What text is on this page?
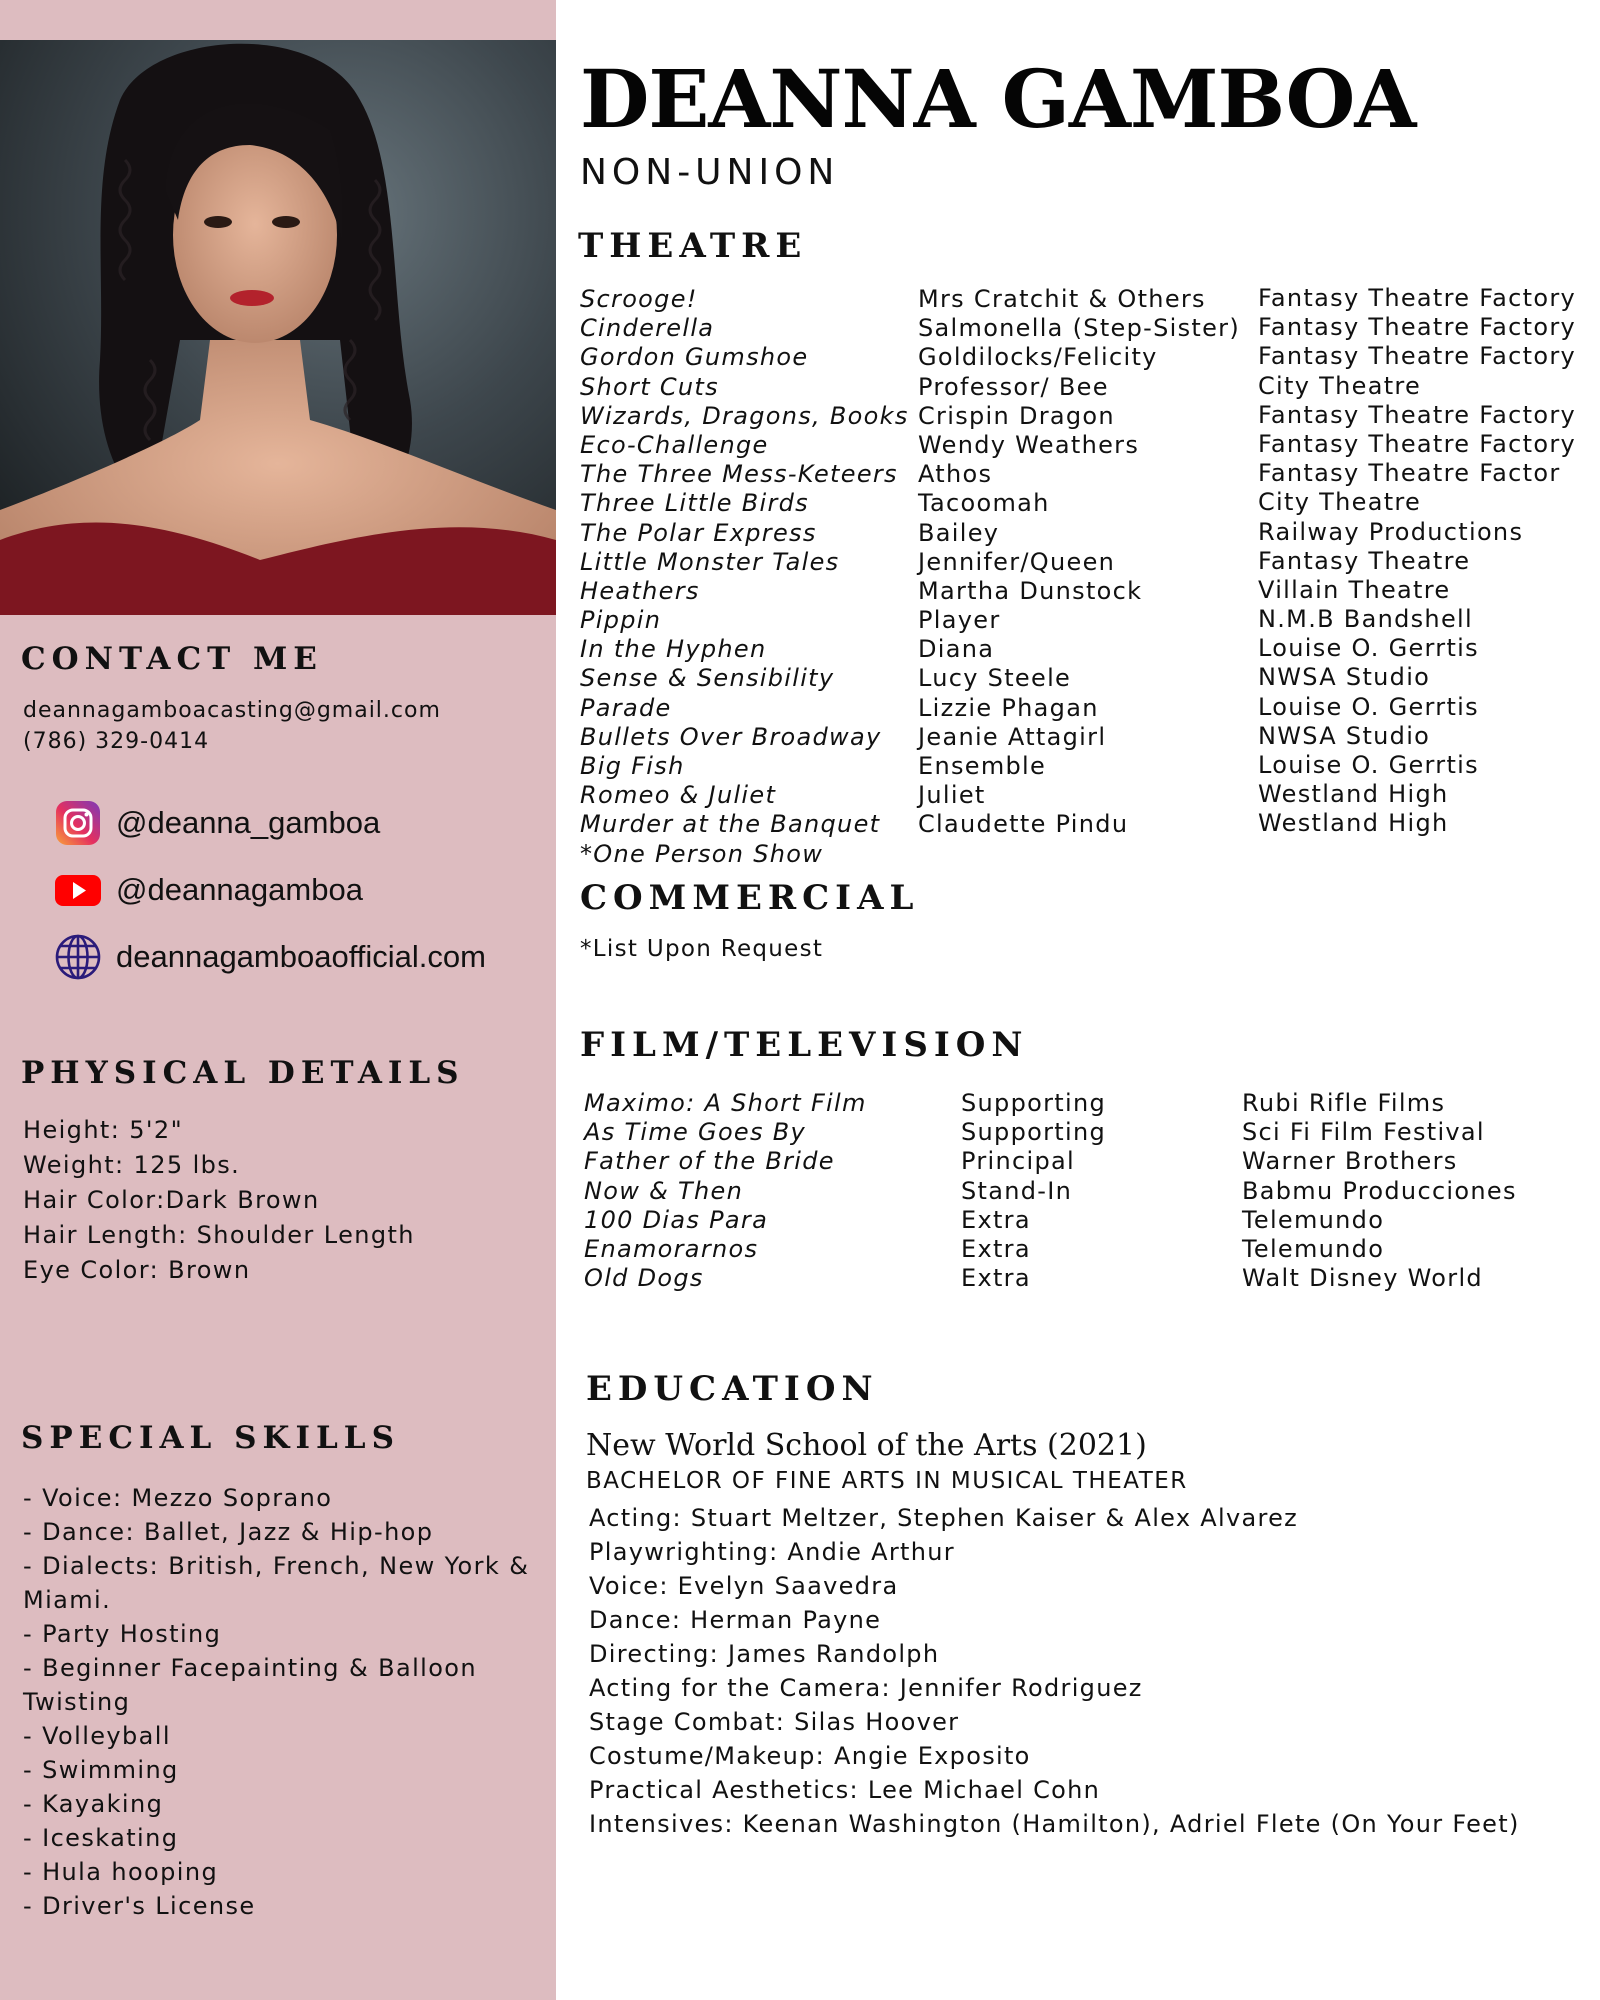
CONTACT ME
deannagamboacasting@gmail.com
(786) 329-0414
@deanna_gamboa
@deannagamboa
deannagamboaofficial.com
PHYSICAL DETAILS
Height: 5'2"
Weight: 125 lbs.
Hair Color:Dark Brown
Hair Length: Shoulder Length
Eye Color: Brown
SPECIAL SKILLS
- Voice: Mezzo Soprano
- Dance: Ballet, Jazz & Hip-hop
- Dialects: British, French, New York &
Miami.
- Party Hosting
- Beginner Facepainting & Balloon
Twisting
- Volleyball
- Swimming
- Kayaking
- Iceskating
- Hula hooping
- Driver's License
DEANNA GAMBOA
NON-UNION
THEATRE
Scrooge!
Cinderella
Gordon Gumshoe
Short Cuts
Wizards, Dragons, Books
Eco-Challenge
The Three Mess-Keteers
Three Little Birds
The Polar Express
Little Monster Tales
Heathers
Pippin
In the Hyphen
Sense & Sensibility
Parade
Bullets Over Broadway
Big Fish
Romeo & Juliet
Murder at the Banquet
*One Person Show
Mrs Cratchit & Others
Salmonella (Step-Sister)
Goldilocks/Felicity
Professor/ Bee
Crispin Dragon
Wendy Weathers
Athos
Tacoomah
Bailey
Jennifer/Queen
Martha Dunstock
Player
Diana
Lucy Steele
Lizzie Phagan
Jeanie Attagirl
Ensemble
Juliet
Claudette Pindu
Fantasy Theatre Factory
Fantasy Theatre Factory
Fantasy Theatre Factory
City Theatre
Fantasy Theatre Factory
Fantasy Theatre Factory
Fantasy Theatre Factor
City Theatre
Railway Productions
Fantasy Theatre
Villain Theatre
N.M.B Bandshell
Louise O. Gerrtis
NWSA Studio
Louise O. Gerrtis
NWSA Studio
Louise O. Gerrtis
Westland High
Westland High
COMMERCIAL
*List Upon Request
FILM/TELEVISION
Maximo: A Short Film
As Time Goes By
Father of the Bride
Now & Then
100 Dias Para
Enamorarnos
Old Dogs
Supporting
Supporting
Principal
Stand-In
Extra
Extra
Extra
Rubi Rifle Films
Sci Fi Film Festival
Warner Brothers
Babmu Producciones
Telemundo
Telemundo
Walt Disney World
EDUCATION
New World School of the Arts (2021)
BACHELOR OF FINE ARTS IN MUSICAL THEATER
Acting: Stuart Meltzer, Stephen Kaiser & Alex Alvarez
Playwrighting: Andie Arthur
Voice: Evelyn Saavedra
Dance: Herman Payne
Directing: James Randolph
Acting for the Camera: Jennifer Rodriguez
Stage Combat: Silas Hoover
Costume/Makeup: Angie Exposito
Practical Aesthetics: Lee Michael Cohn
Intensives: Keenan Washington (Hamilton), Adriel Flete (On Your Feet)
